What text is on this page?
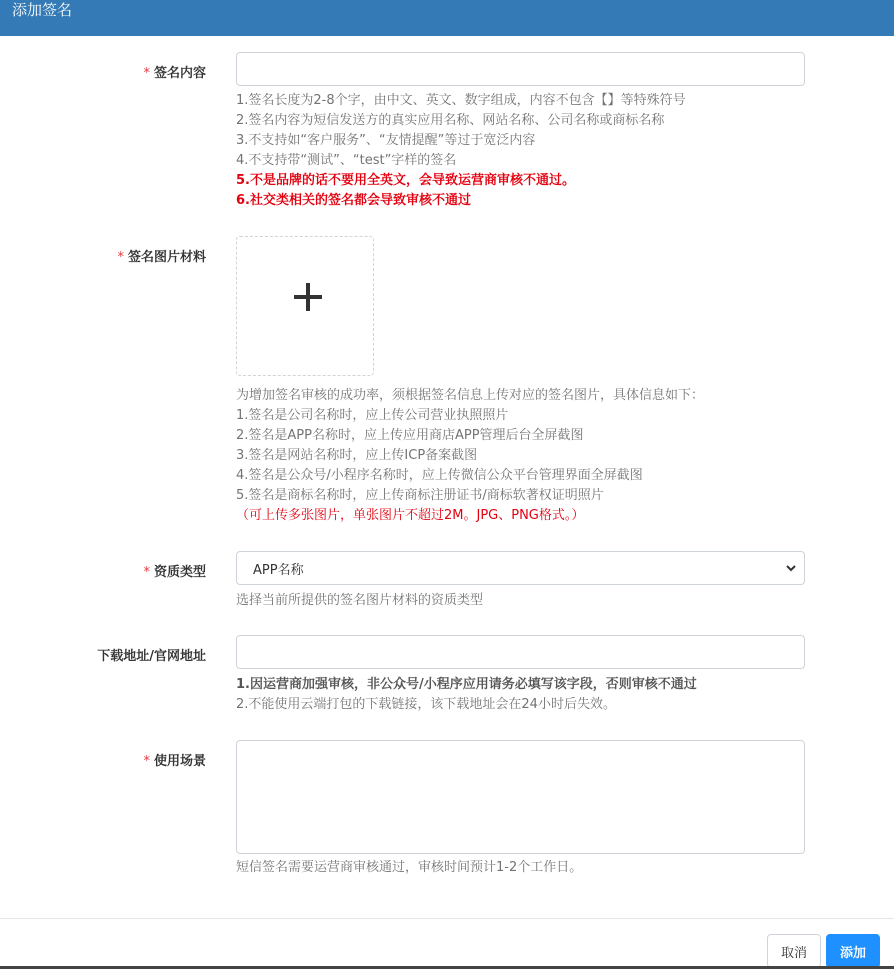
添加签名
* 签名内容
1.签名长度为2-8个字，由中文、英文、数字组成，内容不包含【】等特殊符号
2.签名内容为短信发送方的真实应用名称、网站名称、公司名称或商标名称
3.不支持如“客户服务”、“友情提醒”等过于宽泛内容
4.不支持带“测试”、“test”字样的签名
5.不是品牌的话不要用全英文，会导致运营商审核不通过。
6.社交类相关的签名都会导致审核不通过
* 签名图片材料
为增加签名审核的成功率，须根据签名信息上传对应的签名图片，具体信息如下：
1.签名是公司名称时，应上传公司营业执照照片
2.签名是APP名称时，应上传应用商店APP管理后台全屏截图
3.签名是网站名称时，应上传ICP备案截图
4.签名是公众号/小程序名称时，应上传微信公众平台管理界面全屏截图
5.签名是商标名称时，应上传商标注册证书/商标软著权证明照片
（可上传多张图片，单张图片不超过2M。JPG、PNG格式。）
* 资质类型	APP名称
选择当前所提供的签名图片材料的资质类型
下载地址/官网地址
1.因运营商加强审核，非公众号/小程序应用请务必填写该字段，否则审核不通过
2.不能使用云端打包的下载链接，该下载地址会在24小时后失效。
* 使用场景
短信签名需要运营商审核通过，审核时间预计1-2个工作日。
取消	添加
